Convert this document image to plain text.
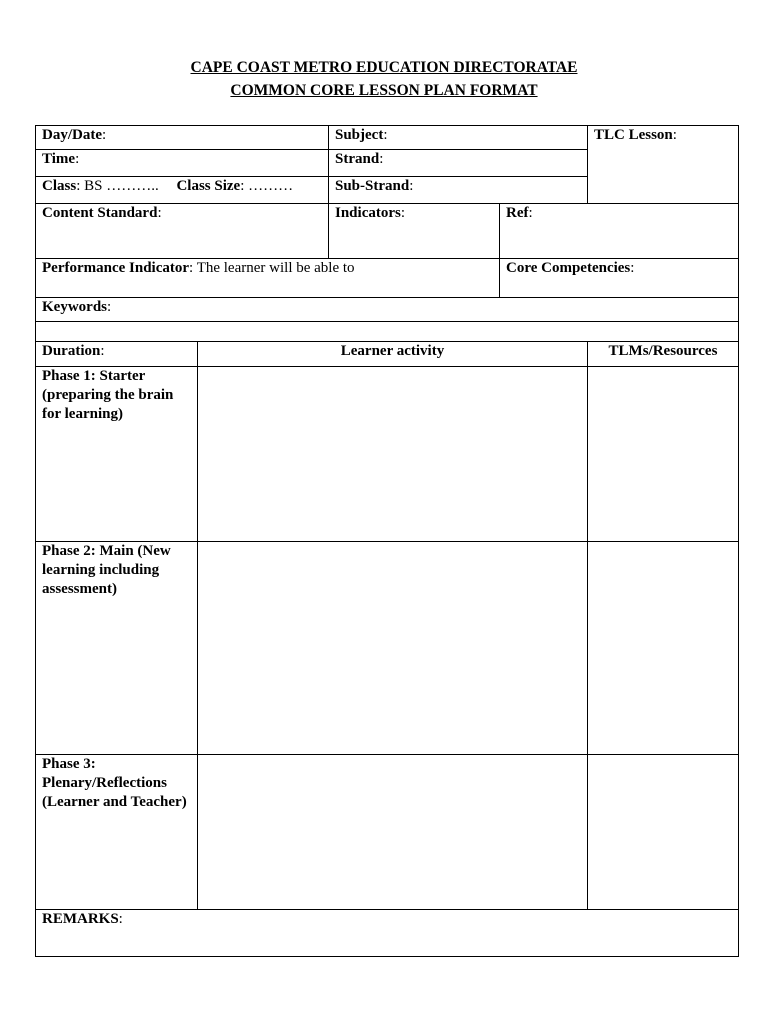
CAPE COAST METRO EDUCATION DIRECTORATAE
COMMON CORE LESSON PLAN FORMAT
Day/Date:	Subject:	TLC Lesson:
Time:	Strand:
Class: BS ……….. Class Size: ………	Sub-Strand:
Content Standard:	Indicators:	Ref:
Performance Indicator: The learner will be able to	Core Competencies:
Keywords:
Duration:	Learner activity	TLMs/Resources
Phase 1: Starter (preparing the brain for learning)
Phase 2: Main (New learning including assessment)
Phase 3: Plenary/Reflections (Learner and Teacher)
REMARKS:
